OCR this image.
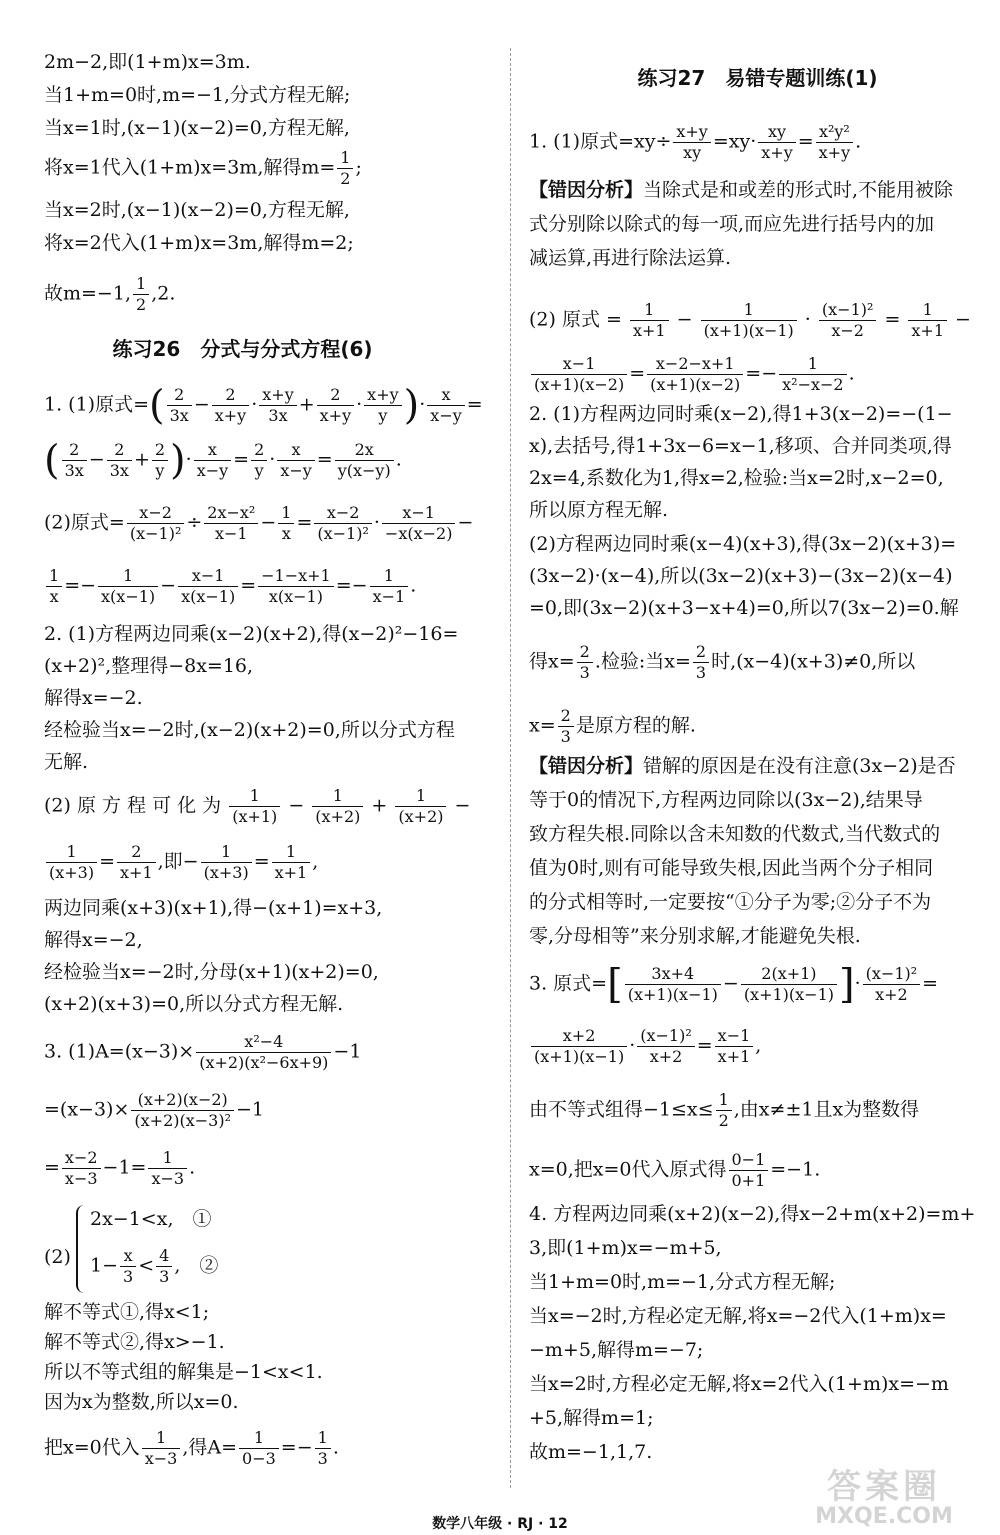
2m−2,即(1+m)x=3m.
当1+m=0时,m=−1,分式方程无解;
当x=1时,(x−1)(x−2)=0,方程无解,
将x=1代入(1+m)x=3m,解得$m= \frac{1}{2}$ ;
当x=2时,(x−1)(x−2)=0,方程无解,
将x=2代入(1+m)x=3m,解得m=2;
故m=−1, $\frac{1}{2} ,2$.
练习26　分式与分式方程(6)
1. (1)原式=( $\frac{2}{3x} - \frac{2}{x+y} \cdot \frac{x+y}{3x} + \frac{2}{x+y} \cdot \frac{x+y}{y}$ )· $\frac{x}{x-y}$ =
( $\frac{2}{3x} - \frac{2}{3x} + \frac{2}{y}$ )· $\frac{x}{x-y} = \frac{2}{y} \cdot \frac{x}{x-y} = \frac{2x}{y(x-y)}$ .
(2)原式= $\frac{x-2}{\text{(x−1)²}} \div \frac{\text{2x−x²}}{x-1} - \frac{1}{x} = \frac{x-2}{\text{(x−1)²}} \cdot \frac{x-1}{-x(x-2)}$ −
$\frac{1}{x} =- \frac{1}{x(x-1)} - \frac{x-1}{x(x-1)} = \frac{-1-x+1}{x(x-1)} =- \frac{1}{x-1}$ .
2. (1)方程两边同乘(x−2)(x+2),得(x−2)²−16=
(x+2)²,整理得−8x=16,
解得x=−2.
经检验当x=−2时,(x−2)(x+2)=0,所以分式方程
无解.
(2) 原 方 程 可 化 为 $\frac{1}{(x+1)} - \frac{1}{(x+2)} + \frac{1}{(x+2)}$ −
$\frac{1}{(x+3)} = \frac{2}{x+1}$ ,即− $\frac{1}{(x+3)} = \frac{1}{x+1}$ ,
两边同乘(x+3)(x+1),得−(x+1)=x+3,
解得x=−2,
经检验当x=−2时,分母(x+1)(x+2)=0,
(x+2)(x+3)=0,所以分式方程无解.
3. $(1)A=(x-3)\times \frac{\text{x²−4}}{\text{(x+2)(x²−6x+9)}} -1$
$=(x-3)\times \frac{(x+2)(x-2)}{\text{(x+2)(x−3)²}} -1$
= $\frac{x-2}{x-3} -1= \frac{1}{x-3}$ .
(2)
2x−1<x,　①
$1- \frac{x}{3} < \frac{4}{3}$ ,　②
解不等式①,得x<1;
解不等式②,得x>−1.
所以不等式组的解集是−1<x<1.
因为x为整数,所以x=0.
把x=0代入 $\frac{1}{x-3}$ ,得$A= \frac{1}{0-3} =- \frac{1}{3}$ .
练习27　易错专题训练(1)
1. (1)原式$=xy\div \frac{x+y}{xy} =xy\cdot \frac{xy}{x+y} = \frac{\text{x²y²}}{x+y}$ .
【错因分析】当除式是和或差的形式时,不能用被除
式分别除以除式的每一项,而应先进行括号内的加
减运算,再进行除法运算.
(2) 原式 = $\frac{1}{x+1} - \frac{1}{(x+1)(x-1)} \cdot \frac{\text{(x−1)²}}{x-2} = \frac{1}{x+1}$ −
$\frac{x-1}{(x+1)(x-2)} = \frac{x-2-x+1}{(x+1)(x-2)} =- \frac{1}{\text{x²−x−2}}$ .
2. (1)方程两边同时乘(x−2),得1+3(x−2)=−(1−
x),去括号,得1+3x−6=x−1,移项、合并同类项,得
2x=4,系数化为1,得x=2,检验:当x=2时,x−2=0,
所以原方程无解.
(2)方程两边同时乘(x−4)(x+3),得(3x−2)(x+3)=
(3x−2)·(x−4),所以(3x−2)(x+3)−(3x−2)(x−4)
=0,即(3x−2)(x+3−x+4)=0,所以7(3x−2)=0.解
得$x= \frac{2}{3}$ .检验:当$x= \frac{2}{3}$ 时,(x−4)(x+3)≠0,所以
$x= \frac{2}{3}$ 是原方程的解.
【错因分析】错解的原因是在没有注意(3x−2)是否
等于0的情况下,方程两边同除以(3x−2),结果导
致方程失根.同除以含未知数的代数式,当代数式的
值为0时,则有可能导致失根,因此当两个分子相同
的分式相等时,一定要按“①分子为零;②分子不为
零,分母相等”来分别求解,才能避免失根.
3. 原式=[ $\frac{3x+4}{(x+1)(x-1)} - \frac{2(x+1)}{(x+1)(x-1)}$ ]· $\frac{\text{(x−1)²}}{x+2}$ =
$\frac{x+2}{(x+1)(x-1)} \cdot \frac{\text{(x−1)²}}{x+2} = \frac{x-1}{x+1}$ ,
由不等式组得$-1\le x\le \frac{1}{2}$ ,由x≠±1且x为整数得
x=0,把x=0代入原式得 $\frac{0-1}{0+1} =-1$.
4. 方程两边同乘(x+2)(x−2),得x−2+m(x+2)=m+
3,即(1+m)x=−m+5,
当1+m=0时,m=−1,分式方程无解;
当x=−2时,方程必定无解,将x=−2代入(1+m)x=
−m+5,解得m=−7;
当x=2时,方程必定无解,将x=2代入(1+m)x=−m
+5,解得m=1;
故m=−1,1,7.
数学八年级 · RJ · 12
答案圈
MXQE.COM
